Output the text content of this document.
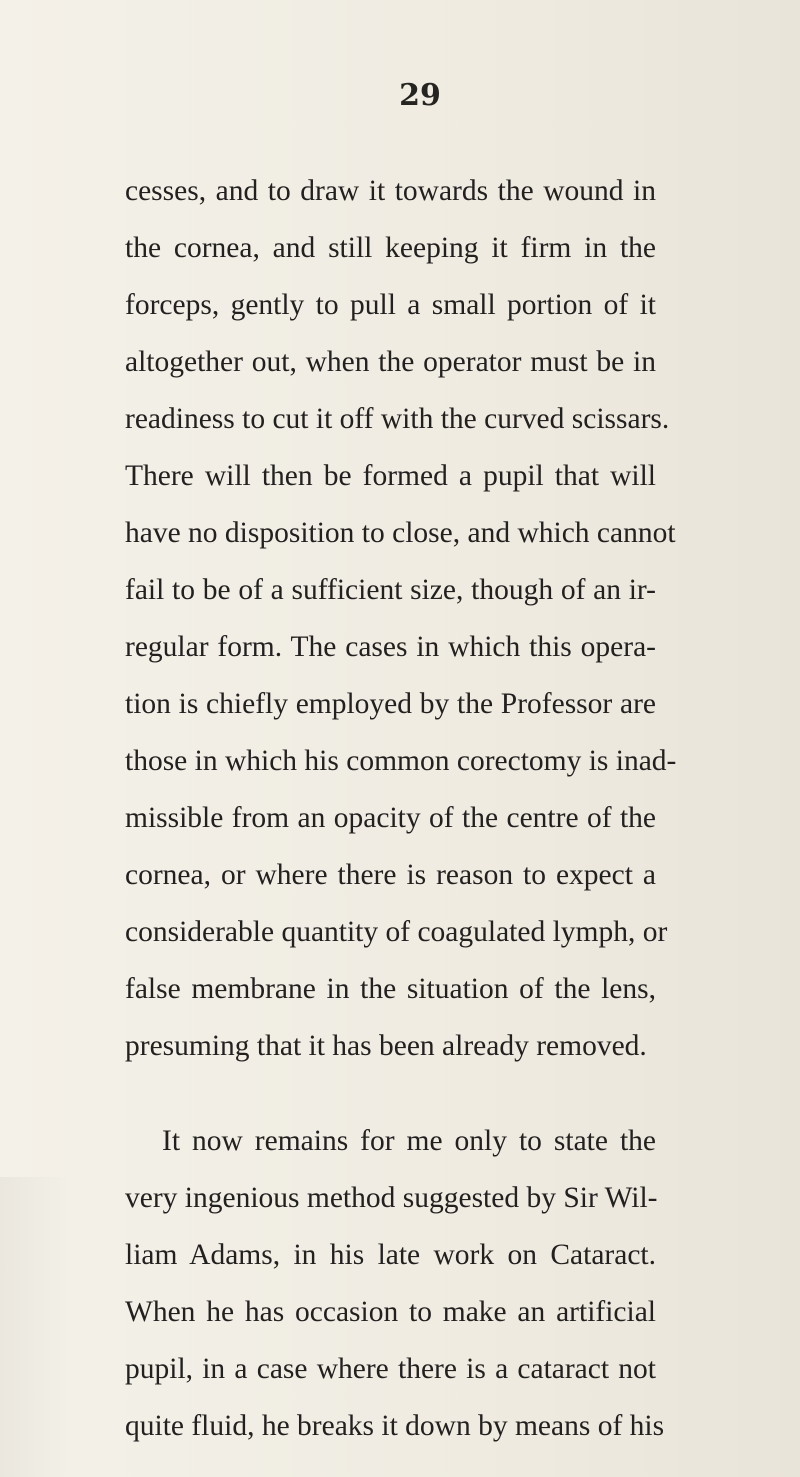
29
cesses, and to draw it towards the wound in
the cornea, and still keeping it firm in the
forceps, gently to pull a small portion of it
altogether out, when the operator must be in
readiness to cut it off with the curved scissars.
There will then be formed a pupil that will
have no disposition to close, and which cannot
fail to be of a sufficient size, though of an ir-
regular form. The cases in which this opera-
tion is chiefly employed by the Professor are
those in which his common corectomy is inad-
missible from an opacity of the centre of the
cornea, or where there is reason to expect a
considerable quantity of coagulated lymph, or
false membrane in the situation of the lens,
presuming that it has been already removed.
It now remains for me only to state the
very ingenious method suggested by Sir Wil-
liam Adams, in his late work on Cataract.
When he has occasion to make an artificial
pupil, in a case where there is a cataract not
quite fluid, he breaks it down by means of his
